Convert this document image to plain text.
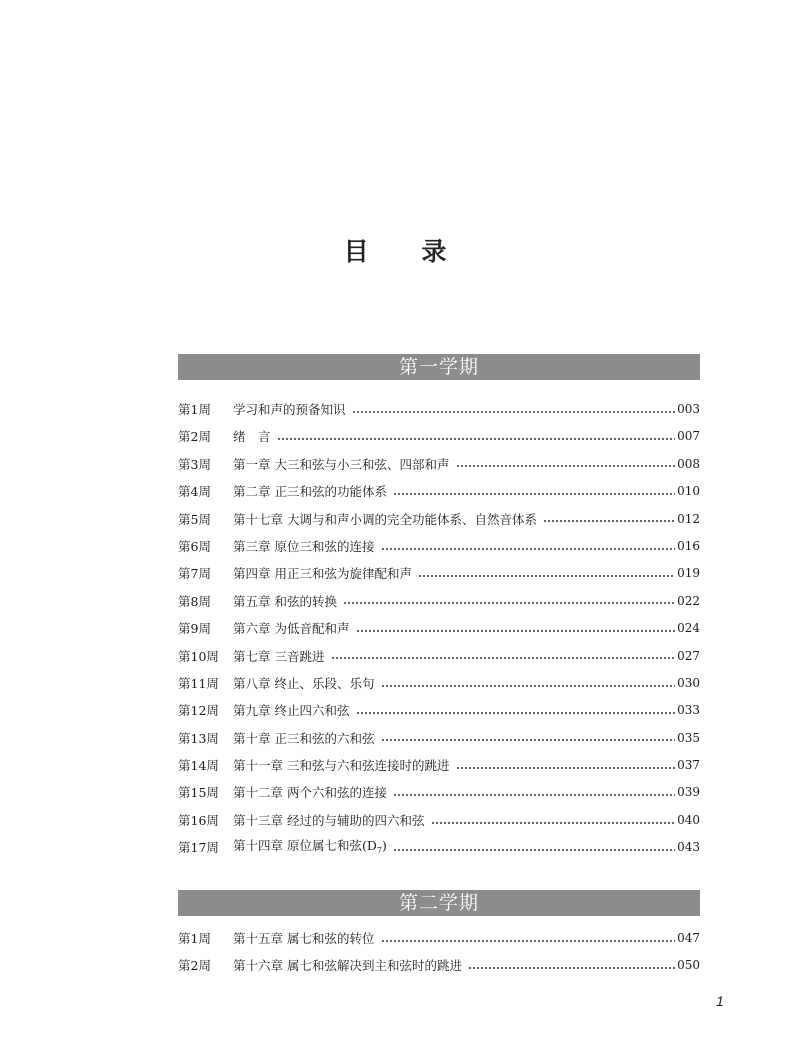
目 录
第一学期
第1周	学习和声的预备知识	003
第2周	绪　言	007
第3周	第一章 大三和弦与小三和弦、四部和声	008
第4周	第二章 正三和弦的功能体系	010
第5周	第十七章 大调与和声小调的完全功能体系、自然音体系	012
第6周	第三章 原位三和弦的连接	016
第7周	第四章 用正三和弦为旋律配和声	019
第8周	第五章 和弦的转换	022
第9周	第六章 为低音配和声	024
第10周	第七章 三音跳进	027
第11周	第八章 终止、乐段、乐句	030
第12周	第九章 终止四六和弦	033
第13周	第十章 正三和弦的六和弦	035
第14周	第十一章 三和弦与六和弦连接时的跳进	037
第15周	第十二章 两个六和弦的连接	039
第16周	第十三章 经过的与辅助的四六和弦	040
第17周	第十四章 原位属七和弦$(D_7)$	043
第二学期
第1周	第十五章 属七和弦的转位	047
第2周	第十六章 属七和弦解决到主和弦时的跳进	050
1
